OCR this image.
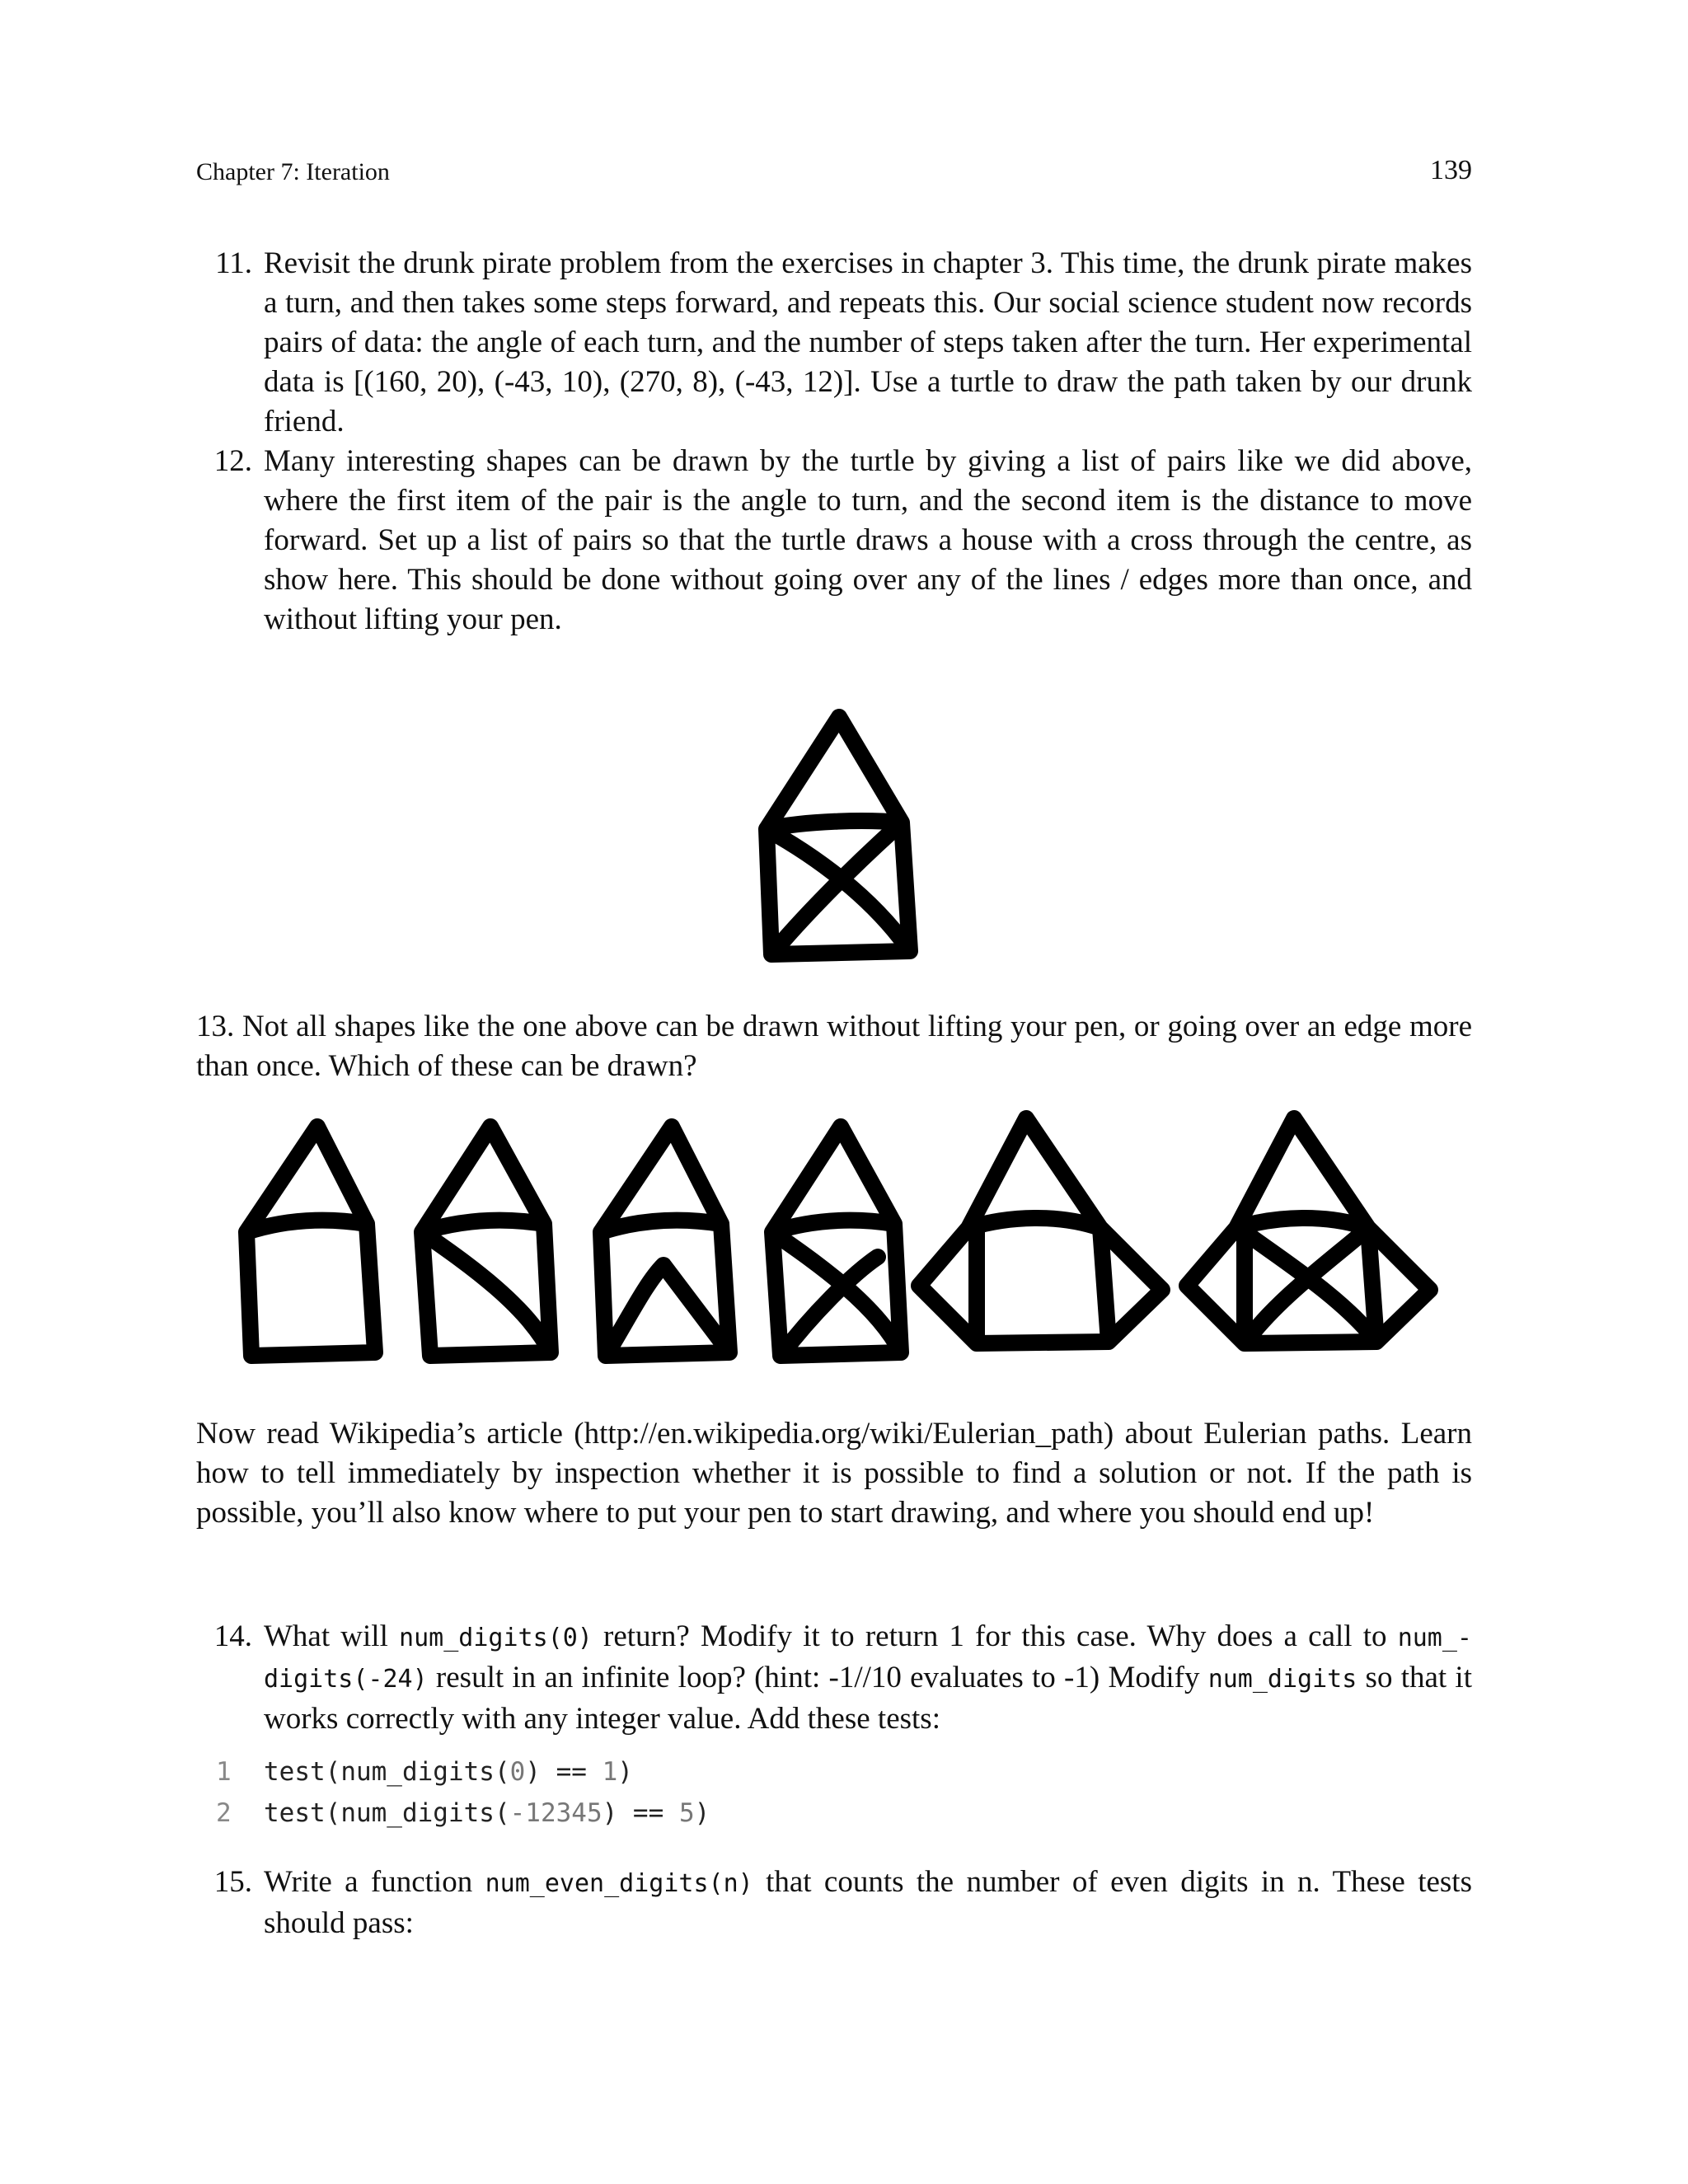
Chapter 7: Iteration	139
11. Revisit the drunk pirate problem from the exercises in chapter 3. This time, the drunk pirate makes a turn, and then takes some steps forward, and repeats this. Our social science student now records pairs of data: the angle of each turn, and the number of steps taken after the turn. Her experimental data is [(160, 20), (-43, 10), (270, 8), (-43, 12)]. Use a turtle to draw the path taken by our drunk friend.

12. Many interesting shapes can be drawn by the turtle by giving a list of pairs like we did above, where the first item of the pair is the angle to turn, and the second item is the distance to move forward. Set up a list of pairs so that the turtle draws a house with a cross through the centre, as show here. This should be done without going over any of the lines / edges more than once, and without lifting your pen.

13. Not all shapes like the one above can be drawn without lifting your pen, or going over an edge more than once. Which of these can be drawn?

Now read Wikipedia’s article (http://en.wikipedia.org/wiki/Eulerian_path) about Eulerian paths. Learn how to tell immediately by inspection whether it is possible to find a solution or not. If the path is possible, you’ll also know where to put your pen to start drawing, and where you should end up!

14. What will num_digits(0) return? Modify it to return 1 for this case. Why does a call to num_-digits(-24) result in an infinite loop? (hint: -1//10 evaluates to -1) Modify num_digits so that it works correctly with any integer value. Add these tests:

1 test(num_digits(0) == 1)
2 test(num_digits(-12345) == 5)
15. Write a function num_even_digits(n) that counts the number of even digits in n. These tests should pass:
